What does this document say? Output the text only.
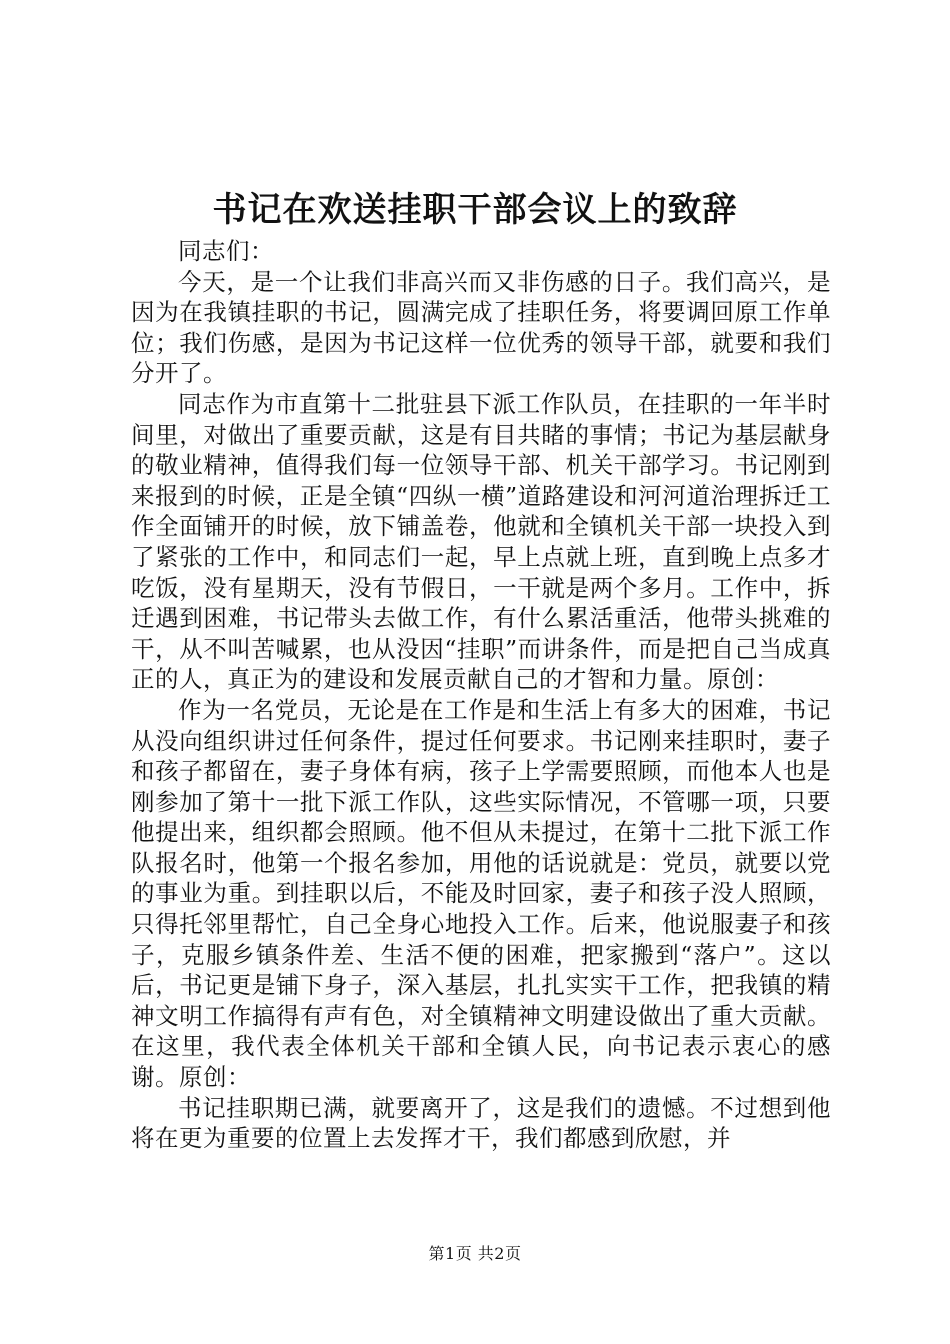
书记在欢送挂职干部会议上的致辞

同志们：

今天，是一个让我们非高兴而又非伤感的日子。我们高兴，是因为在我镇挂职的书记，圆满完成了挂职任务，将要调回原工作单位；我们伤感，是因为书记这样一位优秀的领导干部，就要和我们分开了。

同志作为市直第十二批驻县下派工作队员，在挂职的一年半时间里，对做出了重要贡献，这是有目共睹的事情；书记为基层献身的敬业精神，值得我们每一位领导干部、机关干部学习。书记刚到来报到的时候，正是全镇“四纵一横”道路建设和河河道治理拆迁工作全面铺开的时候，放下铺盖卷，他就和全镇机关干部一块投入到了紧张的工作中，和同志们一起，早上点就上班，直到晚上点多才吃饭，没有星期天，没有节假日，一干就是两个多月。工作中，拆迁遇到困难，书记带头去做工作，有什么累活重活，他带头挑难的干，从不叫苦喊累，也从没因“挂职”而讲条件，而是把自己当成真正的人，真正为的建设和发展贡献自己的才智和力量。原创：

作为一名党员，无论是在工作是和生活上有多大的困难，书记从没向组织讲过任何条件，提过任何要求。书记刚来挂职时，妻子和孩子都留在，妻子身体有病，孩子上学需要照顾，而他本人也是刚参加了第十一批下派工作队，这些实际情况，不管哪一项，只要他提出来，组织都会照顾。他不但从未提过，在第十二批下派工作队报名时，他第一个报名参加，用他的话说就是：党员，就要以党的事业为重。到挂职以后，不能及时回家，妻子和孩子没人照顾，只得托邻里帮忙，自己全身心地投入工作。后来，他说服妻子和孩子，克服乡镇条件差、生活不便的困难，把家搬到“落户”。这以后，书记更是铺下身子，深入基层，扎扎实实干工作，把我镇的精神文明工作搞得有声有色，对全镇精神文明建设做出了重大贡献。在这里，我代表全体机关干部和全镇人民，向书记表示衷心的感谢。原创：

书记挂职期已满，就要离开了，这是我们的遗憾。不过想到他将在更为重要的位置上去发挥才干，我们都感到欣慰，并

第1页 共2页
